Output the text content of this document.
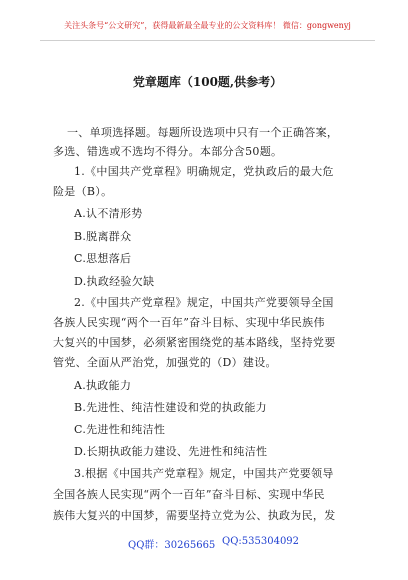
关注头条号“公文研究”，获得最新最全最专业的公文资料库！ 微信：gongwenyj
党章题库（100题,供参考）
一、单项选择题。每题所设选项中只有一个正确答案，
多选、错选或不选均不得分。本部分含50题。
1.《中国共产党章程》明确规定，党执政后的最大危
险是（B）。
A.认不清形势
B.脱离群众
C.思想落后
D.执政经验欠缺
2.《中国共产党章程》规定，中国共产党要领导全国
各族人民实现“两个一百年”奋斗目标、实现中华民族伟
大复兴的中国梦，必须紧密围绕党的基本路线，坚持党要
管党、全面从严治党，加强党的（D）建设。
A.执政能力
B.先进性、纯洁性建设和党的执政能力
C.先进性和纯洁性
D.长期执政能力建设、先进性和纯洁性
3.根据《中国共产党章程》规定，中国共产党要领导
全国各族人民实现“两个一百年”奋斗目标、实现中华民
族伟大复兴的中国梦，需要坚持立党为公、执政为民，发
QQ群：30265665 QQ:535304092
